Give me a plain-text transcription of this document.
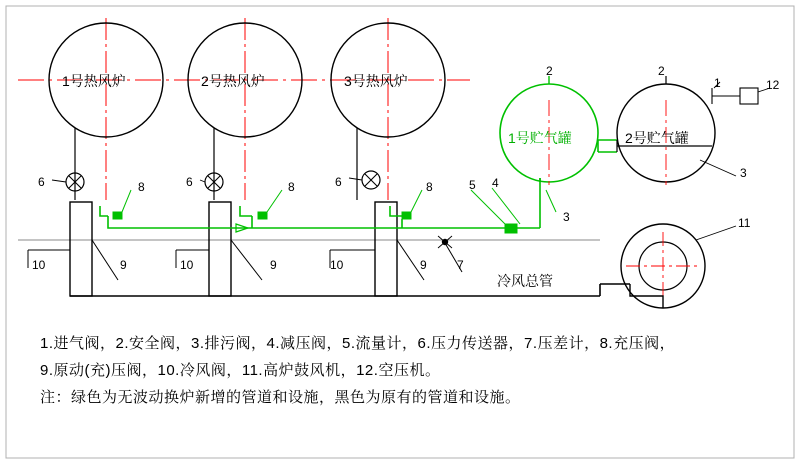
1号热风炉	2号热风炉	3号热风炉
1号贮气罐	2号贮气罐
冷风总管
6	8	6	8	6	8	5 4
10	9	10	9	10	9	7
2	2
1	12
3
3
11
1.进气阀，2.安全阀，3.排污阀，4.减压阀，5.流量计，6.压力传送器，7.压差计，8.充压阀，
9.原动(充)压阀，10.冷风阀，11.高炉鼓风机，12.空压机。
注：绿色为无波动换炉新增的管道和设施，黑色为原有的管道和设施。
